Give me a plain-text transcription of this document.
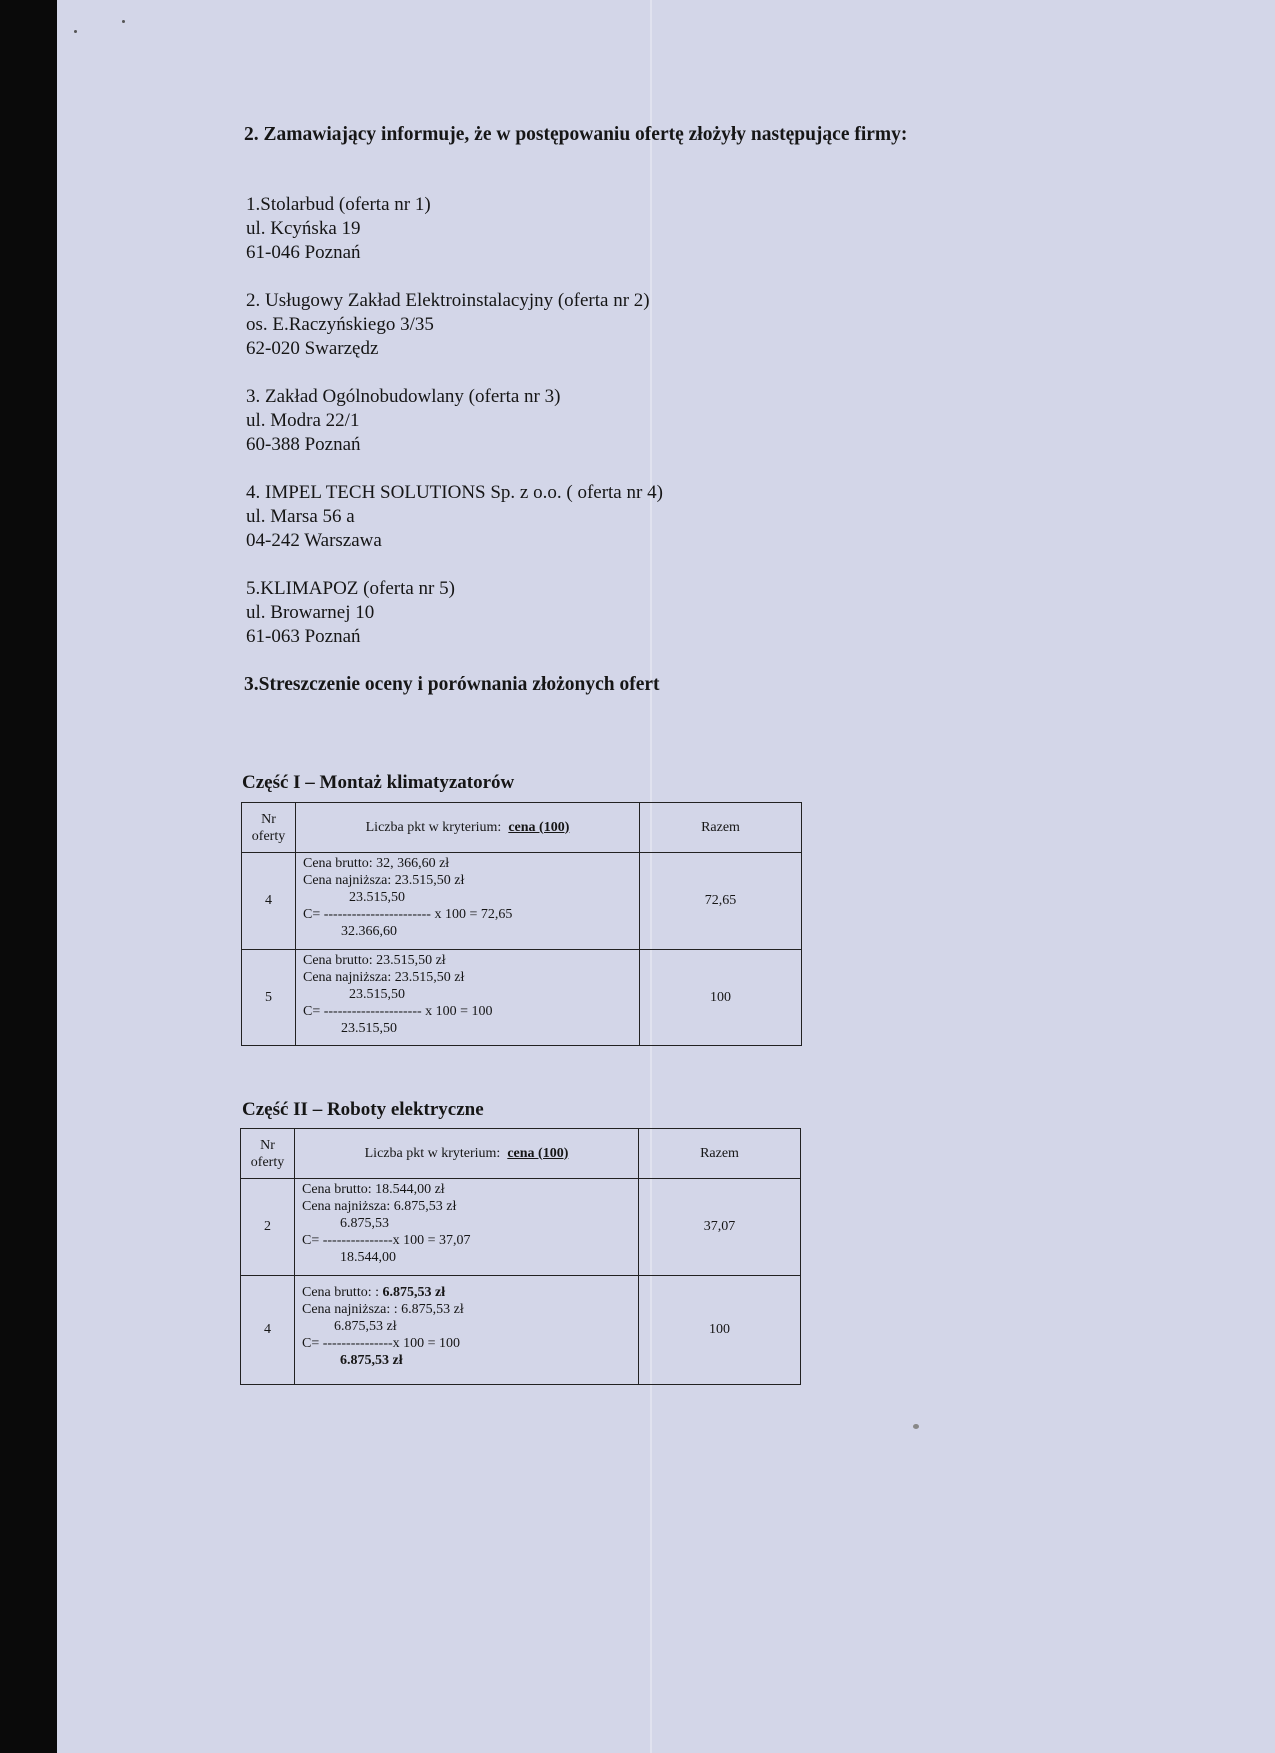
2. Zamawiający informuje, że w postępowaniu ofertę złożyły następujące firmy:
1.Stolarbud (oferta nr 1)
ul. Kcyńska 19
61-046 Poznań
2. Usługowy Zakład Elektroinstalacyjny (oferta nr 2)
os. E.Raczyńskiego 3/35
62-020 Swarzędz
3. Zakład Ogólnobudowlany (oferta nr 3)
ul. Modra 22/1
60-388 Poznań
4. IMPEL TECH SOLUTIONS Sp. z o.o. ( oferta nr 4)
ul. Marsa 56 a
04-242 Warszawa
5.KLIMAPOZ (oferta nr 5)
ul. Browarnej 10
61-063 Poznań
3.Streszczenie oceny i porównania złożonych ofert
Część I – Montaż klimatyzatorów
Nr
oferty	Liczba pkt w kryterium: cena (100)	Razem
4	Cena brutto: 32, 366,60 zł
Cena najniższa: 23.515,50 zł
23.515,50
C= ----------------------- x 100 = 72,65
32.366,60	72,65
5	Cena brutto: 23.515,50 zł
Cena najniższa: 23.515,50 zł
23.515,50
C= --------------------- x 100 = 100
23.515,50	100
Część II – Roboty elektryczne
Nr
oferty	Liczba pkt w kryterium: cena (100)	Razem
2	Cena brutto: 18.544,00 zł
Cena najniższa: 6.875,53 zł
6.875,53
C= ---------------x 100 = 37,07
18.544,00	37,07
4	Cena brutto: : 6.875,53 zł
Cena najniższa: : 6.875,53 zł
6.875,53 zł
C= ---------------x 100 = 100
6.875,53 zł	100
